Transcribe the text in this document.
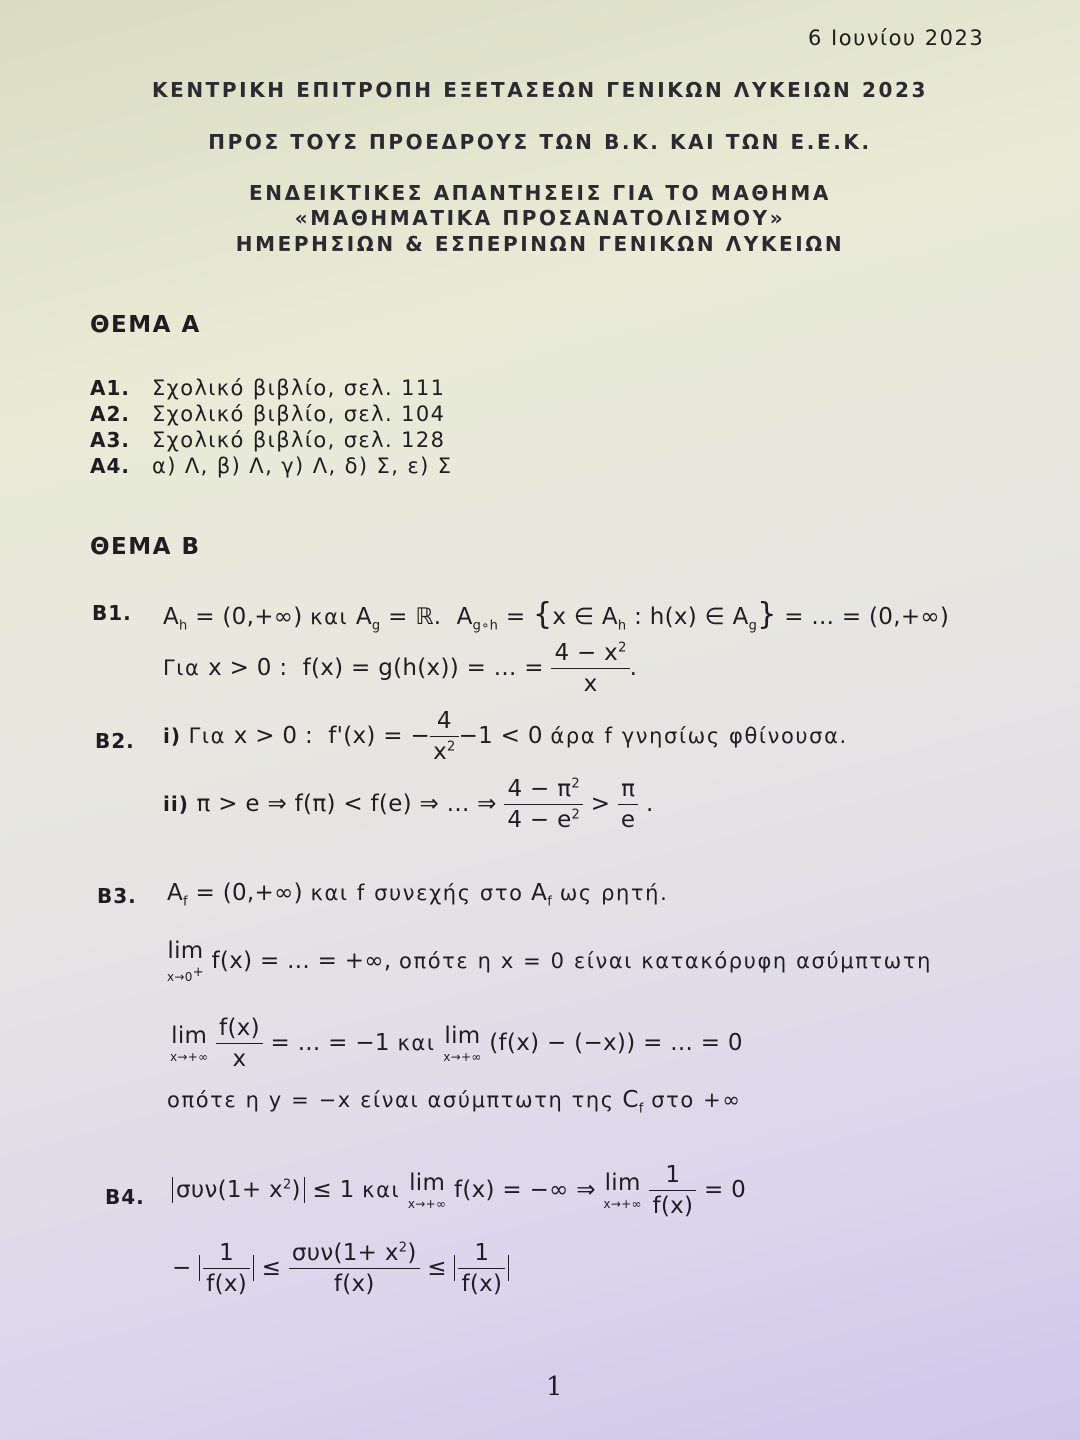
6 Ιουνίου 2023
ΚΕΝΤΡΙΚΗ ΕΠΙΤΡΟΠΗ ΕΞΕΤΑΣΕΩΝ ΓΕΝΙΚΩΝ ΛΥΚΕΙΩΝ 2023
ΠΡΟΣ ΤΟΥΣ ΠΡΟΕΔΡΟΥΣ ΤΩΝ Β.Κ. ΚΑΙ ΤΩΝ Ε.Ε.Κ.
ΕΝΔΕΙΚΤΙΚΕΣ ΑΠΑΝΤΗΣΕΙΣ ΓΙΑ ΤΟ ΜΑΘΗΜΑ
«ΜΑΘΗΜΑΤΙΚΑ ΠΡΟΣΑΝΑΤΟΛΙΣΜΟΥ»
ΗΜΕΡΗΣΙΩΝ & ΕΣΠΕΡΙΝΩΝ ΓΕΝΙΚΩΝ ΛΥΚΕΙΩΝ
ΘΕΜΑ Α
Α1. Σχολικό βιβλίο, σελ. 111
Α2. Σχολικό βιβλίο, σελ. 104
Α3. Σχολικό βιβλίο, σελ. 128
Α4. α) Λ, β) Λ, γ) Λ, δ) Σ, ε) Σ
ΘΕΜΑ Β
Β1. $A_h = (0,+\infty)$ και $A_g$ = ℝ.  $A_{g\circ h} = \{x$ ∈ $A_h$ : h(x) ∈ $A_g$} = ... = (0,+∞)
Για x > 0 :  f(x) = g(h(x)) = ... = $\frac{4 - x^2}{x}$ .
Β2. i) Για x > 0 :  f'(x) = − $\frac{4}{x^2} -1 < 0$ άρα f γνησίως φθίνουσα.
ii) π > e ⇒ f(π) < f(e) ⇒ ... ⇒ $\frac{4 - \pi^2}{4 - e^2} > \frac{\pi}{e}$ .
Β3. $A_f = (0,+\infty)$ και f συνεχής στο $A_f$ ως ρητή.
lim
x→0+ f(x) = ... = +∞, οπότε η x = 0 είναι κατακόρυφη ασύμπτωτη
lim
x→+∞
$\frac{f(x)}{x}$ = ... = −1 και lim
x→+∞
(f(x) − (−x)) = ... = 0
οπότε η y = −x είναι ασύμπτωτη της $C_f$ στο +∞
Β4. $\sigma\upsilon\nu(1+ x^2) \le 1$ και lim
x→+∞
f(x) = −∞ ⇒ lim
x→+∞
$\frac{1}{f(x)} = 0$
− $\frac{1}{f(x)} \le \frac{\sigma\upsilon\nu(1+ x^2)}{f(x)} \le \frac{1}{f(x)}$
1
